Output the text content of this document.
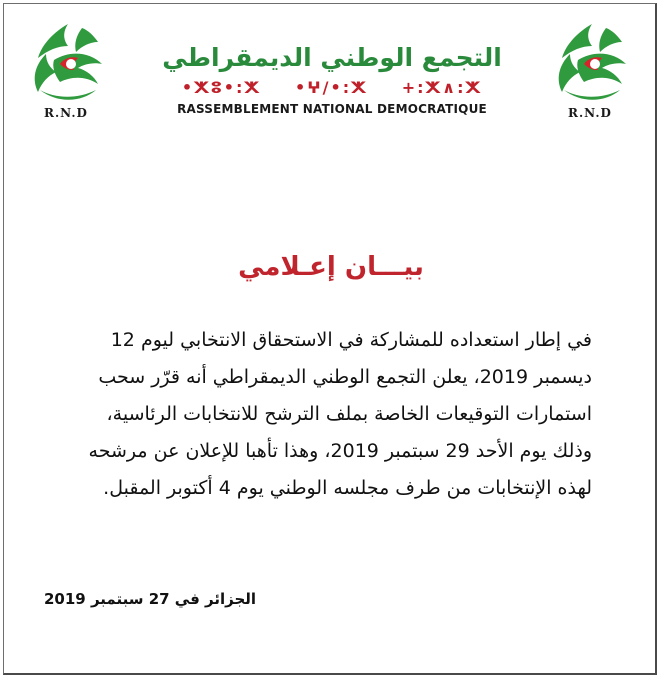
R.N.D
التجمع الوطني الديمقراطي
•ⵅⵓ•:ⵅ •ⵖ/•:ⵅ +:ⵅ∧:ⵅ
RASSEMBLEMENT NATIONAL DEMOCRATIQUE	R.N.D
بيـــان إعـلامي
في إطار استعداده للمشاركة في الاستحقاق الانتخابي ليوم 12
ديسمبر 2019، يعلن التجمع الوطني الديمقراطي أنه قرّر سحب
استمارات التوقيعات الخاصة بملف الترشح للانتخابات الرئاسية،
وذلك يوم الأحد 29 سبتمبر 2019، وهذا تأهبا للإعلان عن مرشحه
لهذه الإنتخابات من طرف مجلسه الوطني يوم 4 أكتوبر المقبل.
الجزائر في 27 سبتمبر 2019
